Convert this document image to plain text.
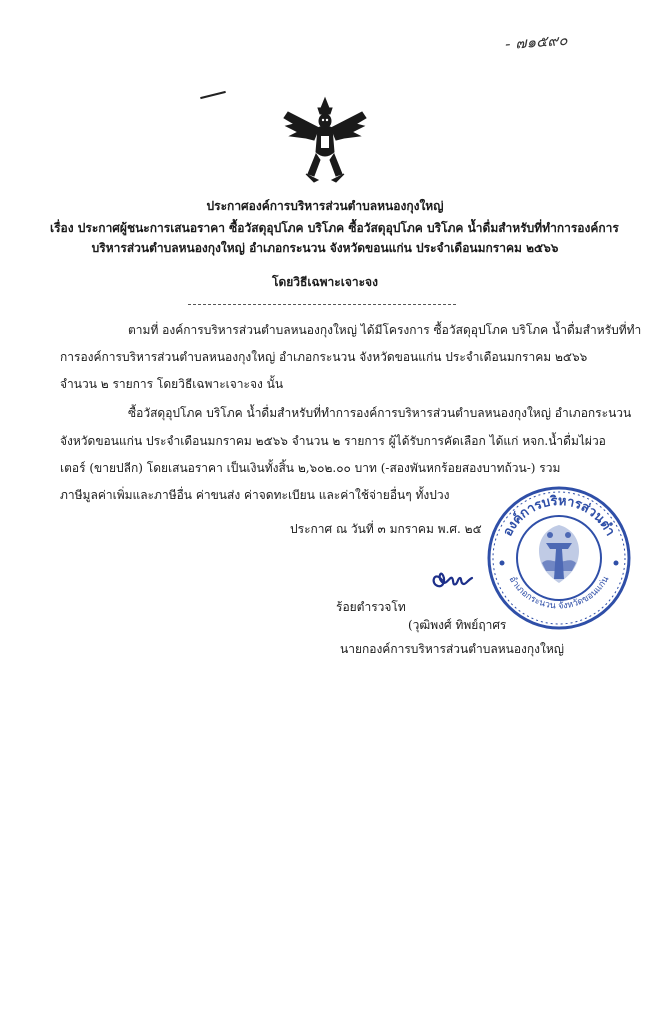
- ๗๑๕๙๐
ประกาศองค์การบริหารส่วนตำบลหนองกุงใหญ่
เรื่อง ประกาศผู้ชนะการเสนอราคา ซื้อวัสดุอุปโภค บริโภค ซื้อวัสดุอุปโภค บริโภค น้ำดื่มสำหรับที่ทำการองค์การ
บริหารส่วนตำบลหนองกุงใหญ่ อำเภอกระนวน จังหวัดขอนแก่น ประจำเดือนมกราคม ๒๕๖๖
โดยวิธีเฉพาะเจาะจง
ตามที่ องค์การบริหารส่วนตำบลหนองกุงใหญ่ ได้มีโครงการ ซื้อวัสดุอุปโภค บริโภค น้ำดื่มสำหรับที่ทำ
การองค์การบริหารส่วนตำบลหนองกุงใหญ่ อำเภอกระนวน จังหวัดขอนแก่น ประจำเดือนมกราคม ๒๕๖๖
จำนวน ๒ รายการ โดยวิธีเฉพาะเจาะจง นั้น
ซื้อวัสดุอุปโภค บริโภค น้ำดื่มสำหรับที่ทำการองค์การบริหารส่วนตำบลหนองกุงใหญ่ อำเภอกระนวน
จังหวัดขอนแก่น ประจำเดือนมกราคม ๒๕๖๖ จำนวน ๒ รายการ ผู้ได้รับการคัดเลือก ได้แก่ หจก.น้ำดื่มไผ่วอ
เตอร์ (ขายปลีก) โดยเสนอราคา เป็นเงินทั้งสิ้น ๒,๖๐๒.๐๐ บาท (-สองพันหกร้อยสองบาทถ้วน-) รวม
ภาษีมูลค่าเพิ่มและภาษีอื่น ค่าขนส่ง ค่าจดทะเบียน และค่าใช้จ่ายอื่นๆ ทั้งปวง
ประกาศ ณ วันที่ ๓ มกราคม พ.ศ. ๒๕
ร้อยตำรวจโท
(วุฒิพงศ์ ทิพย์ฤาศร
นายกองค์การบริหารส่วนตำบลหนองกุงใหญ่
องค์การบริหารส่วนตำ
อำเภอกระนวน จังหวัดขอนแก่น
